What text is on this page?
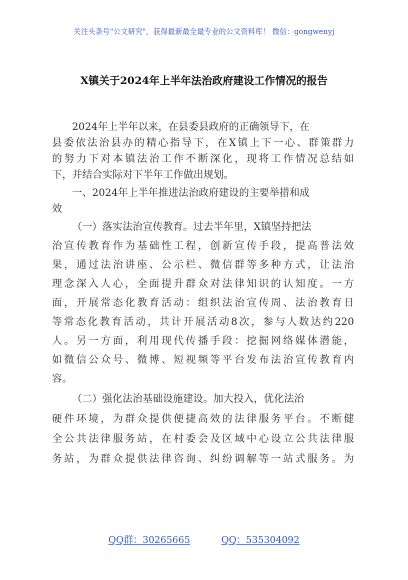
关注头条号"公文研究"，获得最新最全最专业的公文资料库！ 微信：gongwenyj
X镇关于2024年上半年法治政府建设工作情况的报告
2024年上半年以来，在县委县政府的正确领导下，在
县委依法治县办的精心指导下，在X镇上下一心、群策群力
的努力下对本镇法治工作不断深化，现将工作情况总结如
下，并结合实际对下半年工作做出规划。
一、2024年上半年推进法治政府建设的主要举措和成
效
（一）落实法治宣传教育。过去半年里，X镇坚持把法
治宣传教育作为基础性工程，创新宣传手段，提高普法效
果，通过法治讲座、公示栏、微信群等多种方式，让法治
理念深入人心，全面提升群众对法律知识的认知度。一方
面，开展常态化教育活动：组织法治宣传周、法治教育日
等常态化教育活动，共计开展活动8次，参与人数达约220
人。另一方面，利用现代传播手段：挖掘网络媒体潜能，
如微信公众号、微博、短视频等平台发布法治宣传教育内
容。
（二）强化法治基础设施建设。加大投入，优化法治
硬件环境，为群众提供便捷高效的法律服务平台。不断健
全公共法律服务站，在村委会及区域中心设立公共法律服
务站，为群众提供法律咨询、纠纷调解等一站式服务。为
QQ群：30265665	QQ：535304092
